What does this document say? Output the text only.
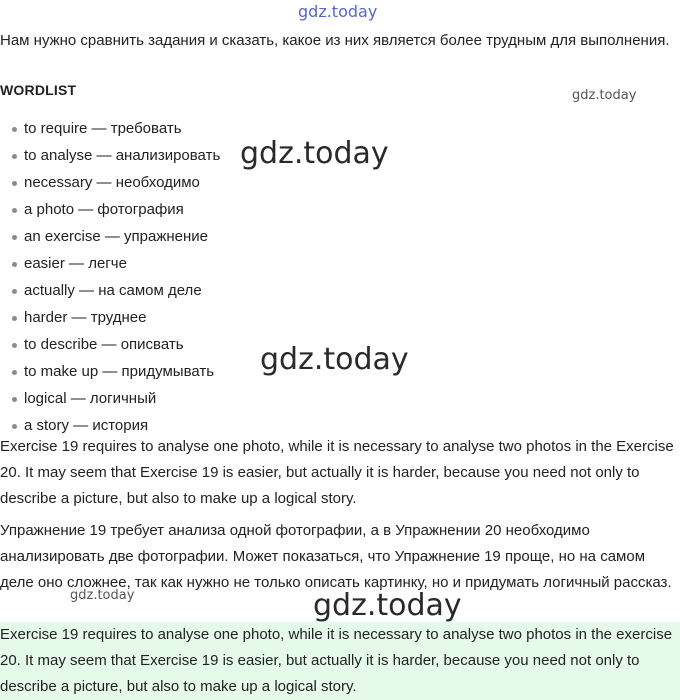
Нам нужно сравнить задания и сказать, какое из них является более трудным для выполнения.
WORDLIST
to require — требовать
to analyse — анализировать
necessary — необходимо
a photo — фотография
an exercise — упражнение
easier — легче
actually — на самом деле
harder — труднее
to describe — описвать
to make up — придумывать
logical — логичный
a story — история
Exercise 19 requires to analyse one photo, while it is necessary to analyse two photos in the Exercise 20. It may seem that Exercise 19 is easier, but actually it is harder, because you need not only to describe a picture, but also to make up a logical story.
Упражнение 19 требует анализа одной фотографии, а в Упражнении 20 необходимо анализировать две фотографии. Может показаться, что Упражнение 19 проще, но на самом деле оно сложнее, так как нужно не только описать картинку, но и придумать логичный рассказ.
Exercise 19 requires to analyse one photo, while it is necessary to analyse two photos in the exercise 20. It may seem that Exercise 19 is easier, but actually it is harder, because you need not only to describe a picture, but also to make up a logical story.
gdz.today
gdz.today
gdz.today
gdz.today
gdz.today	gdz.today
